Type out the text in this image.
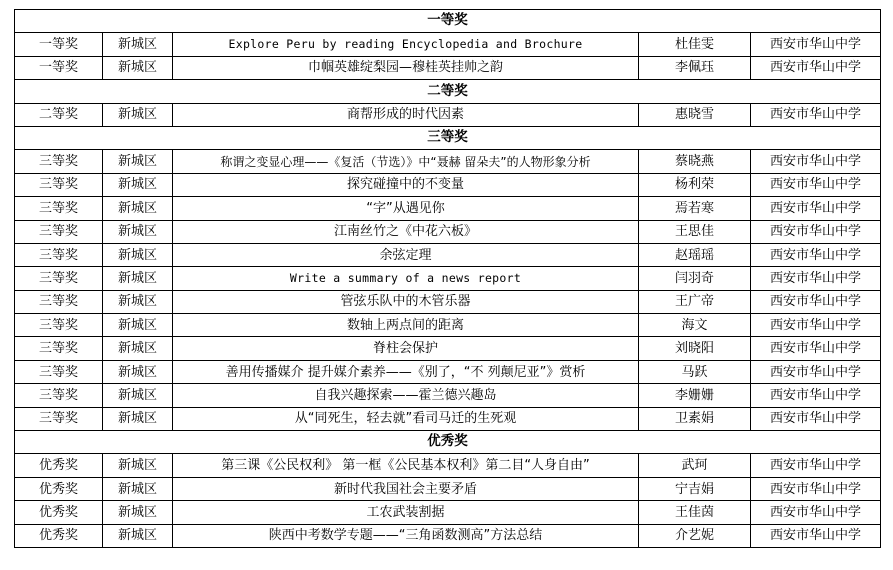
一等奖				
一等奖	新城区	Explore Peru by reading Encyclopedia and Brochure	杜佳雯	西安市华山中学
一等奖	新城区	巾帼英雄绽梨园—穆桂英挂帅之韵	李佩珏	西安市华山中学
二等奖				
二等奖	新城区	商帮形成的时代因素	惠晓雪	西安市华山中学
三等奖				
三等奖	新城区	称谓之变显心理——《复活（节选）》中“聂赫 留朵夫”的人物形象分析	蔡晓燕	西安市华山中学
三等奖	新城区	探究碰撞中的不变量	杨利荣	西安市华山中学
三等奖	新城区	“字”从遇见你	焉若寒	西安市华山中学
三等奖	新城区	江南丝竹之《中花六板》	王思佳	西安市华山中学
三等奖	新城区	余弦定理	赵瑶瑶	西安市华山中学
三等奖	新城区	Write a summary of a news report	闫羽奇	西安市华山中学
三等奖	新城区	管弦乐队中的木管乐器	王广帝	西安市华山中学
三等奖	新城区	数轴上两点间的距离	海文	西安市华山中学
三等奖	新城区	脊柱会保护	刘晓阳	西安市华山中学
三等奖	新城区	善用传播媒介 提升媒介素养——《别了，“不 列颠尼亚”》赏析	马跃	西安市华山中学
三等奖	新城区	自我兴趣探索——霍兰德兴趣岛	李姗姗	西安市华山中学
三等奖	新城区	从“同死生，轻去就”看司马迁的生死观	卫素娟	西安市华山中学
优秀奖				
优秀奖	新城区	第三课《公民权利》 第一框《公民基本权利》第二目“人身自由”	武珂	西安市华山中学
优秀奖	新城区	新时代我国社会主要矛盾	宁吉娟	西安市华山中学
优秀奖	新城区	工农武装割据	王佳茵	西安市华山中学
优秀奖	新城区	陕西中考数学专题——“三角函数测高”方法总结	介艺妮	西安市华山中学
